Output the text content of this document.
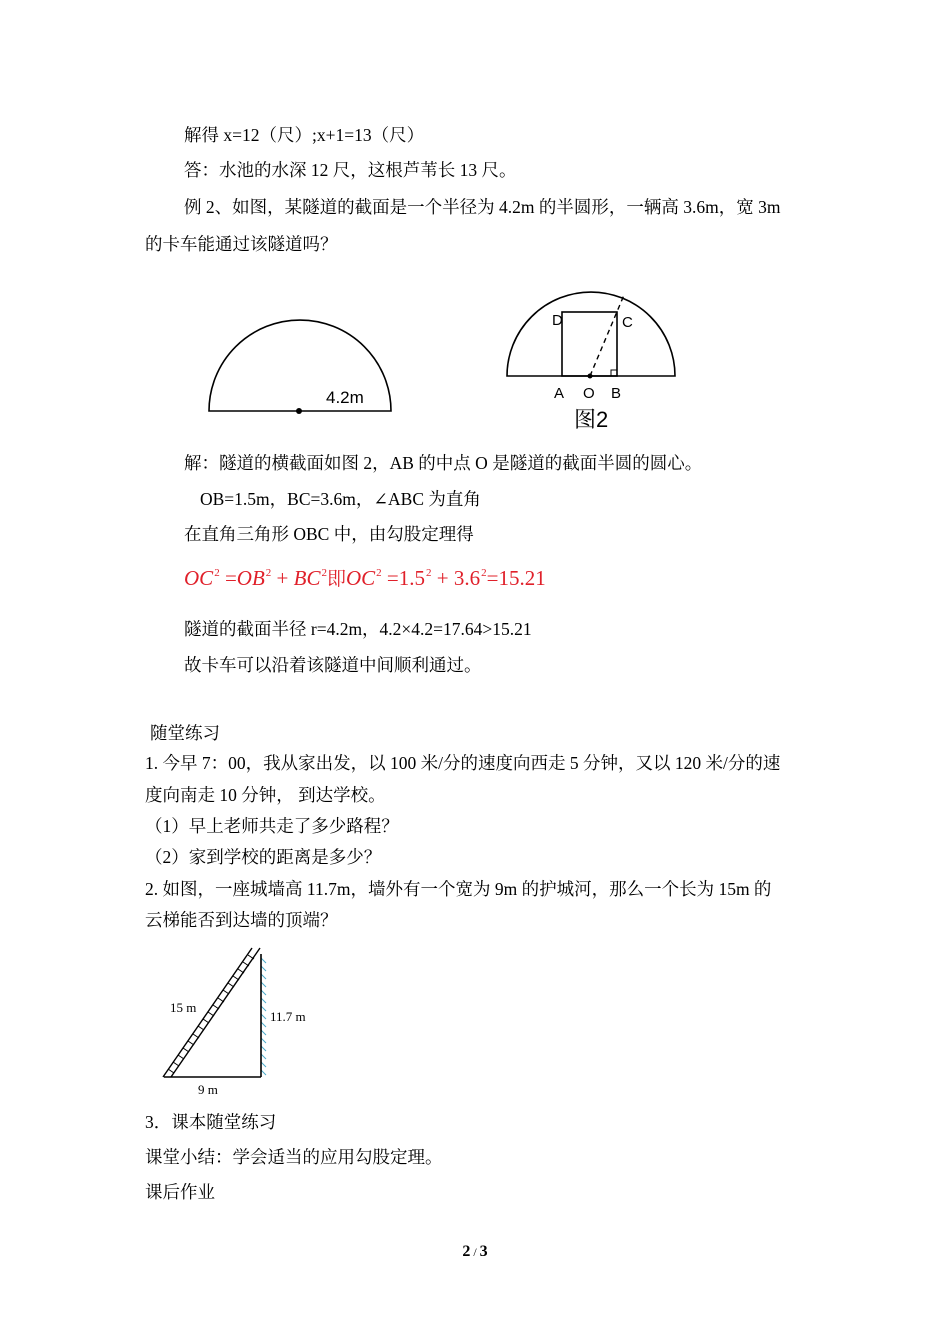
解得 x=12（尺）;x+1=13（尺）
答：水池的水深 12 尺，这根芦苇长 13 尺。
例 2、如图，某隧道的截面是一个半径为 4.2m 的半圆形，一辆高 3.6m，宽 3m
的卡车能通过该隧道吗？
4.2m
D	C
A O B
图2
解：隧道的横截面如图 2，AB 的中点 O 是隧道的截面半圆的圆心。
OB=1.5m，BC=3.6m，∠ABC 为直角
在直角三角形 OBC 中，由勾股定理得
$OC^2 =OB^2 + BC^2$即$OC^2 =1.5^2 + 3.6^2=15.21$
隧道的截面半径 r=4.2m，4.2×4.2=17.64>15.21
故卡车可以沿着该隧道中间顺利通过。
随堂练习
1. 今早 7：00，我从家出发，以 100 米/分的速度向西走 5 分钟，又以 120 米/分的速
度向南走 10 分钟， 到达学校。
（1）早上老师共走了多少路程？
（2）家到学校的距离是多少？
2. 如图，一座城墙高 11.7m，墙外有一个宽为 9m 的护城河，那么一个长为 15m 的
云梯能否到达墙的顶端？
15 m
11.7 m
9 m
3．课本随堂练习
课堂小结：学会适当的应用勾股定理。
课后作业
2 / 3
